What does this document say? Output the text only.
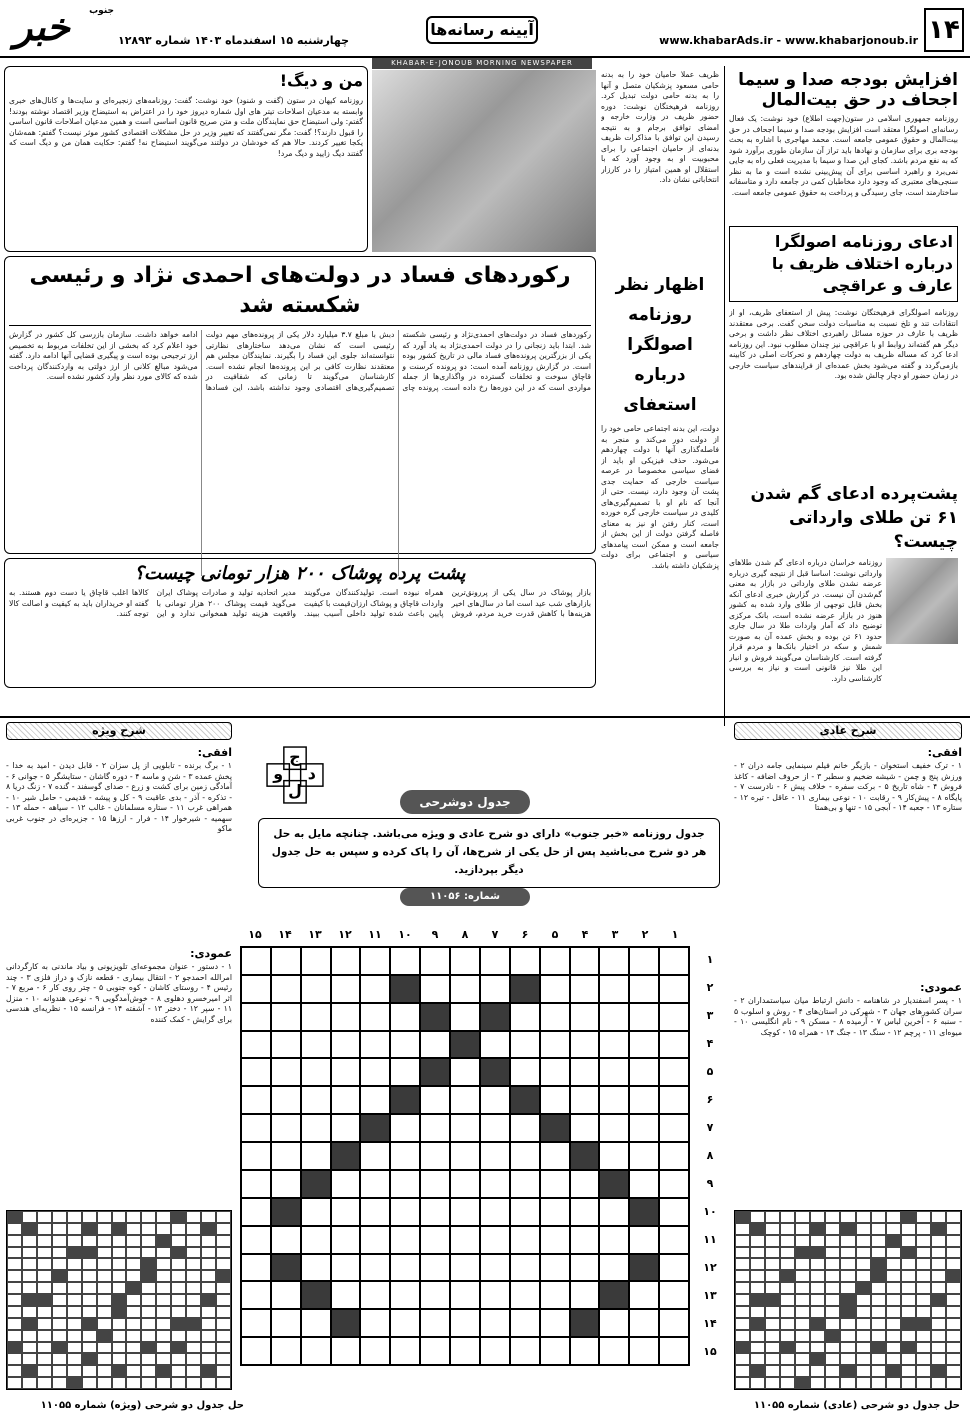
۱۴
www.khabarAds.ir - www.khabarjonoub.ir
آیینه رسانه‌ها
چهارشنبه ۱۵ اسفندماه ۱۴۰۳ شماره ۱۲۸۹۳
خبر جنوب
KHABAR-E-JONOUB MORNING NEWSPAPER
افزایش بودجه صدا و سیما اجحاف در حق بیت‌المال
روزنامه جمهوری اسلامی در ستون(جهت اطلاع) خود نوشت: یک فعال رسانه‌ای اصولگرا معتقد است افزایش بودجه صدا و سیما اجحاف در حق بیت‌المال و حقوق عمومی جامعه است. محمد مهاجری با اشاره به بحث بودجه بری برای سازمان و نهادها باید تراز آن سازمان طوری برآورد شود که به نفع مردم باشد. کجای این صدا و سیما با مدیریت فعلی راه به جایی نمی‌برد و راهبرد اساسی برای آن پیش‌بینی نشده است و ما به نظر سنجی‌های معتبری که وجود دارد مخاطبان کمی در جامعه دارد و متاسفانه ساختارمند است، جای رسیدگی و پرداخت به حقوق عمومی جامعه است.
ادعای روزنامه اصولگرا درباره اختلاف ظریف با عارف و عراقچی
روزنامه اصولگرای فرهیختگان نوشت: پیش از استعفای ظریف، او از انتقادات تند و تلخ نسبت به مناسبات دولت سخن گفت. برخی معتقدند ظریف با عارف در حوزه مسائل راهبردی اختلاف نظر داشت و برخی دیگر هم گفته‌اند روابط او با عراقچی نیز چندان مطلوب نبود. این روزنامه ادعا کرد که مساله ظریف به دولت چهاردهم و تحرکات اصلی در کابینه بازمی‌گردد و گفته می‌شود بخش عمده‌ای از فرایندهای سیاست خارجی در زمان حضور او دچار چالش شده بود.
پشت‌پرده ادعای گم شدن ۶۱ تن طلای وارداتی چیست؟
روزنامه خراسان درباره ادعای گم شدن طلاهای وارداتی نوشت: اساسا قبل از نتیجه گیری درباره عرضه نشدن طلای وارداتی در بازار به معنی گم‌شدن آن نیست. در گزارش خبری ادعای آنکه بخش قابل توجهی از طلای وارد شده به کشور هنوز در بازار عرضه نشده است، بانک مرکزی توضیح داد که آمار واردات طلا در سال جاری حدود ۶۱ تن بوده و بخش عمده آن به صورت شمش و سکه در اختیار بانک‌ها و مردم قرار گرفته است. کارشناسان می‌گویند فروش و انبار این طلا نیز قانونی است و نیاز به بررسی کارشناسی دارد.
ظریف عملا حامیان خود را به بدنه حامی مسعود پزشکیان متصل و آنها را به بدنه حامی دولت تبدیل کرد. روزنامه فرهیختگان نوشت: دوره حضور ظریف در وزارت خارجه و امضای توافق برجام و به نتیجه رسیدن این توافق با مذاکرات ظریف بدنه‌ای از حامیان اجتماعی را برای محبوبیت او به وجود آورد که با استقلال او همین امتیاز را در کارزار انتخاباتی نشان داد.
اظهار نظر روزنامه اصولگرا درباره استعفای
دولت، این بدنه اجتماعی حامی خود را از دولت دور می‌کند و منجر به فاصله‌گذاری آنها با دولت چهاردهم می‌شود. حذف فیزیکی او باید از فضای سیاسی مخصوصا در عرصه سیاست خارجی که حمایت جدی پشت آن وجود دارد، نیست. حتی از آنجا که نام او با تصمیم‌گیری‌های کلیدی در سیاست خارجی گره خورده است، کنار رفتن او نیز به معنای فاصله گرفتن دولت از این بخش از جامعه است و ممکن است پیامدهای سیاسی و اجتماعی برای دولت پزشکیان داشته باشد.
من و دیگ!
روزنامه کیهان در ستون (گفت و شنود) خود نوشت: گفت: روزنامه‌های زنجیره‌ای و سایت‌ها و کانال‌های خبری وابسته به مدعیان اصلاحات تیتر های اول شماره دیروز خود را در اعتراض به استیضاح وزیر اقتصاد نوشته بودند! گفتم: ولی استیضاح حق نمایندگان ملت و متن صریح قانون اساسی است و همین مدعیان اصلاحات قانون اساسی را قبول دارند؟! گفت: مگر نمی‌گفتند که تغییر وزیر در حل مشکلات اقتصادی کشور موثر نیست؟ گفتم: همه‌شان یکجا تغییر کردند. حالا هم که خودشان در دولتند می‌گویند استیضاح نه! گفتم: حکایت همان من و دیگ است که گفتند دیگ زایید و دیگ مرد!
رکوردهای فساد در دولت‌های احمدی نژاد و رئیسی شکسته شد
رکوردهای فساد در دولت‌های احمدی‌نژاد و رئیسی شکسته شد. ابتدا باید زنجانی را در دولت احمدی‌نژاد به یاد آورد که یکی از بزرگترین پرونده‌های فساد مالی در تاریخ کشور بوده است. در گزارش روزنامه آمده است: دو پرونده کرسنت و قاچاق سوخت و تخلفات گسترده در واگذاری‌ها از جمله مواردی است که در این دوره‌ها رخ داده است. پرونده چای دبش با مبلغ ۳.۷ میلیارد دلار یکی از پرونده‌های مهم دولت رئیسی است که نشان می‌دهد ساختارهای نظارتی نتوانسته‌اند جلوی این فساد را بگیرند. نمایندگان مجلس هم معتقدند نظارت کافی بر این پرونده‌ها انجام نشده است. کارشناسان می‌گویند تا زمانی که شفافیت در تصمیم‌گیری‌های اقتصادی وجود نداشته باشد، این فسادها ادامه خواهد داشت. سازمان بازرسی کل کشور در گزارش خود اعلام کرد که بخشی از این تخلفات مربوط به تخصیص ارز ترجیحی بوده است و پیگیری قضایی آنها ادامه دارد. گفته می‌شود مبالغ کلانی از ارز دولتی به واردکنندگان پرداخت شده که کالای مورد نظر وارد کشور نشده است.
پشت پرده پوشاک ۲۰۰ هزار تومانی چیست؟
بازار پوشاک در سال یکی از پررونق‌ترین بازارهای شب عید است اما در سال‌های اخیر هزینه‌ها با کاهش قدرت خرید مردم، فروش همراه نبوده است. تولیدکنندگان می‌گویند واردات قاچاق و پوشاک ارزان‌قیمت با کیفیت پایین باعث شده تولید داخلی آسیب ببیند. مدیر اتحادیه تولید و صادرات پوشاک ایران می‌گوید قیمت پوشاک ۲۰۰ هزار تومانی با واقعیت هزینه تولید همخوانی ندارد و این کالاها اغلب قاچاق یا دست دوم هستند. به گفته او خریداران باید به کیفیت و اصالت کالا توجه کنند.
شرح ویژه
افقی:
۱ - برگ برنده - تابلویی از پل سزان ۲ - قابل دیدن - امید به خدا - پخش عمده ۳ - شن و ماسه ۴ - دوره گاشان - ستایشگر ۵ - جوانی ۶ - آمادگی زمین برای کشت و زرع - صدای گوسفند - گنده ۷ - زنگ دریا ۸ - تذکره - آذر - بدی عاقبت ۹ - کل و پیشه - قدیمی - حامل شیر ۱۰ - همراهی غرب ۱۱ - ستاره مسلمانان - غالب ۱۲ - سیاهه - حمله ۱۳ - سهمیه - شیرخوار ۱۴ - فرار - ارزها ۱۵ - جزیره‌ای در جنوب غربی ماکو
عمودی:
۱ - دستور - عنوان مجموعه‌ای تلویزیونی و بیاد ماندنی به کارگردانی امرالله احمدجو ۲ - انتقال بیماری - قطعه نازک و دراز فلزی ۳ - چند رئیس ۴ - روستای کاشان - کوه جنوبی ۵ - چتر روی کار ۶ - مربع ۷ - اثر امیرخسرو دهلوی ۸ - خوش‌آمدگویی ۹ - نوعی هندوانه ۱۰ - منزل ۱۱ - سپر ۱۲ - دختر ۱۳ - آشفته ۱۴ - فرانسه ۱۵ - نظریه‌ای هندسی برای گرایش - کمک کننده
شرح عادی
افقی:
۱ - ترک خفیف استخوان - بازیگر خانم فیلم سینمایی جامه دران ۲ - ورزش پنج و چمن - شیشه ضخیم و سطبر ۳ - از حروف اضافه - کاغذ فروش ۴ - شاه تاریخ ۵ - برکت سفره - خلاف پیش ۶ - نادرست ۷ - پایگاه ۸ - پیش‌کار ۹ - رقابت ۱۰ - نوعی بیماری ۱۱ - عاقل - تیره ۱۲ - ستاره ۱۳ - جعبه ۱۴ - آبجی ۱۵ - تنها و بی‌همتا
عمودی:
۱ - پسر اسفندیار در شاهنامه - دانش ارتباط میان سیاستمداران ۲ - سران کشورهای جهان ۳ - شهرکی در استان‌های ۴ - روش و اسلوب ۵ - سنبه ۶ - آخرین لباس ۷ - آرمیده ۸ - مسکن ۹ - نام انگلیسی ۱۰ - میوه‌ای ۱۱ - پرچم ۱۲ - سنگ ۱۳ - جنگ ۱۴ - همراه ۱۵ - کوچک
ج
د
و
ل
جدول دوشرحی
جدول روزنامه «خبر جنوب» دارای دو شرح عادی و ویژه می‌باشد. چنانچه مایل به حل هر دو شرح می‌باشید پس از حل یکی از شرح‌ها، آن را پاک کرده و سپس به حل جدول دیگر بپردازید.
شماره: ۱۱۰۵۶
۱
۲
۳
۴
۵
۶
۷
۸
۹
۱۰
۱۱
۱۲
۱۳
۱۴
۱۵
۱
۲
۳
۴
۵
۶
۷
۸
۹
۱۰
۱۱
۱۲
۱۳
۱۴
۱۵
حل جدول دو شرحی (ویژه) شماره ۱۱۰۵۵	حل جدول دو شرحی (عادی) شماره ۱۱۰۵۵
